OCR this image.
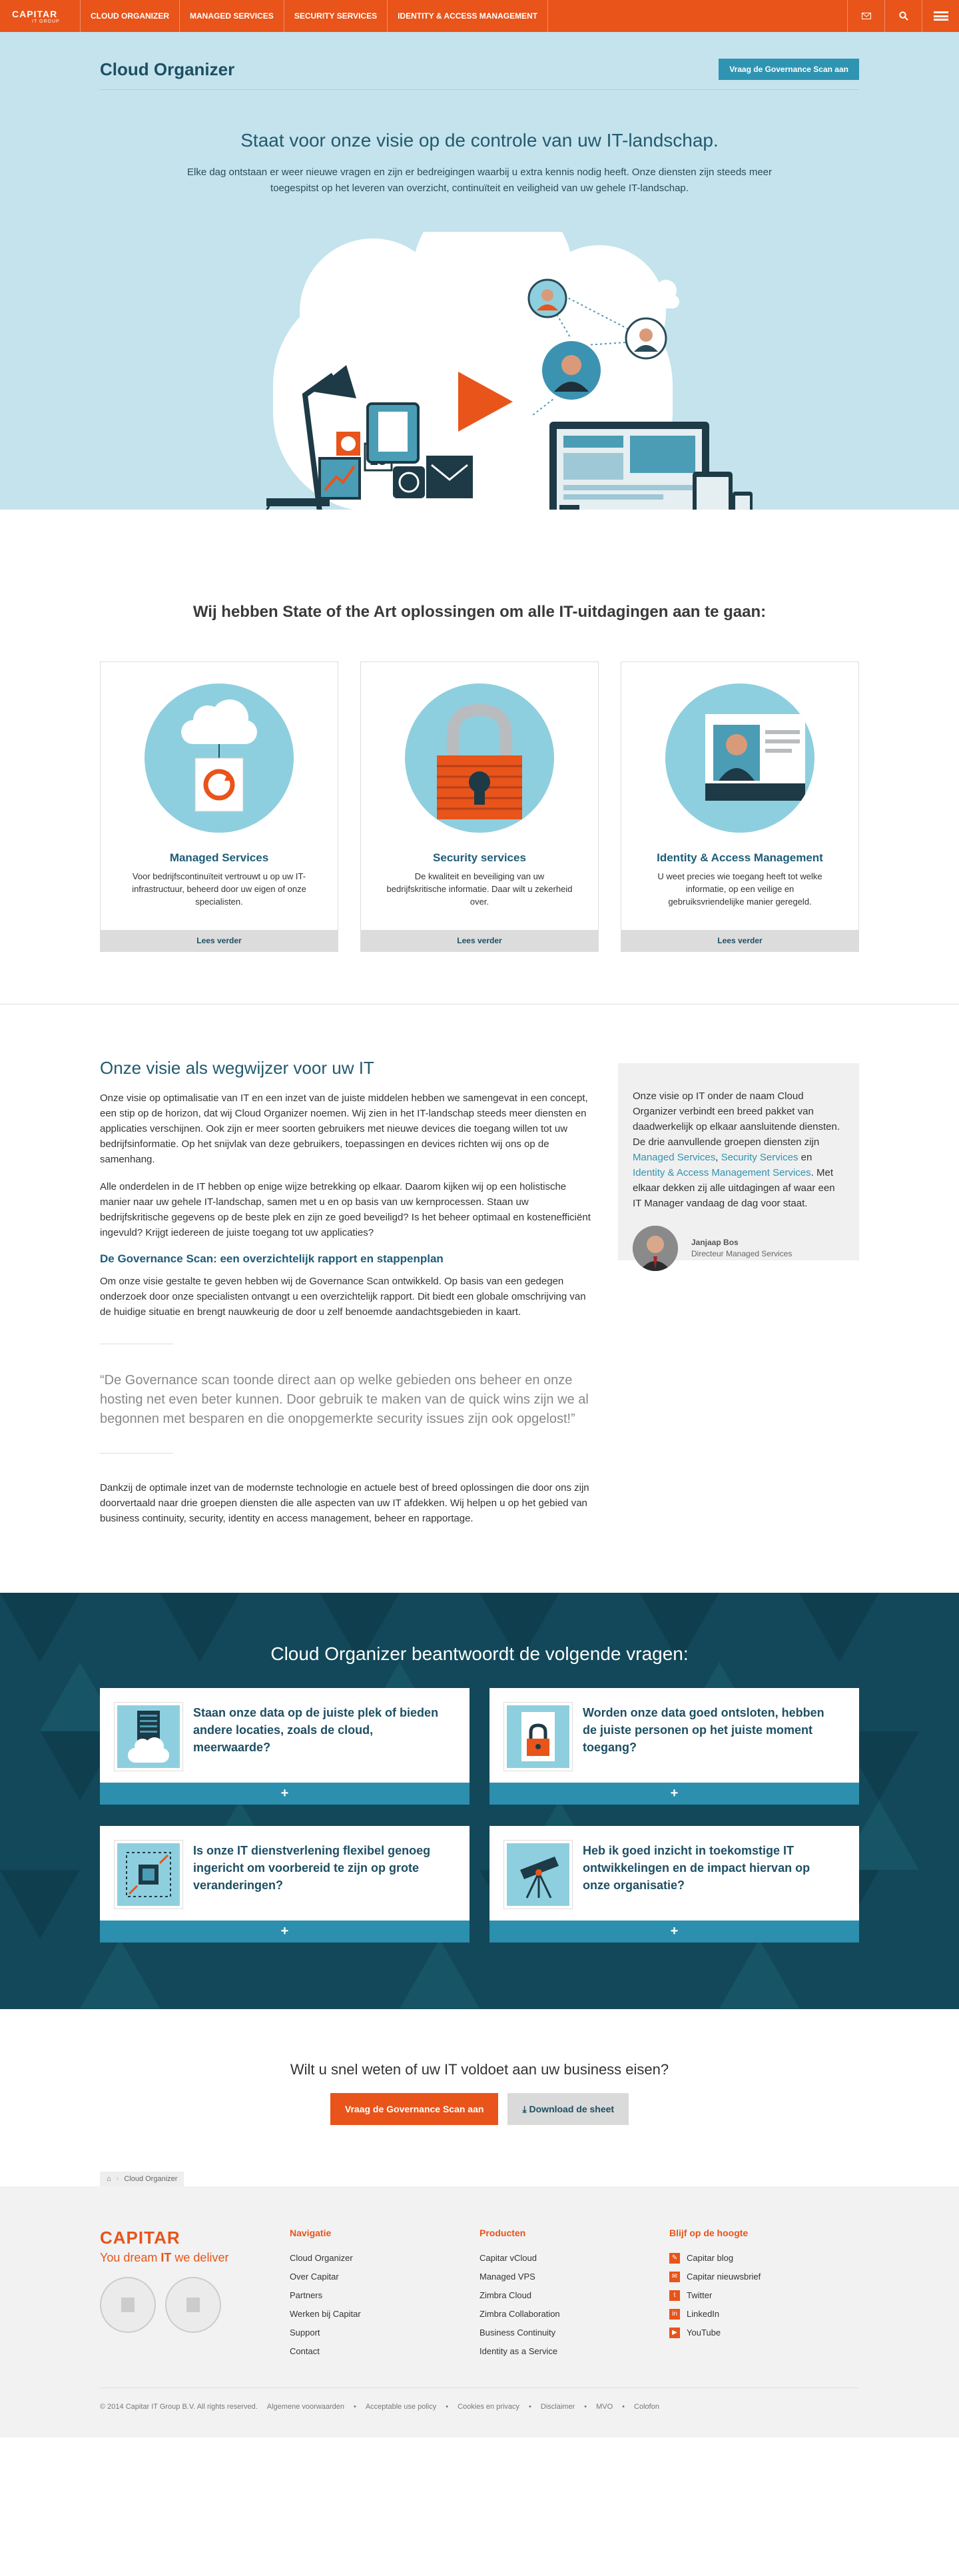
CAPITAR
IT GROUP
CLOUD ORGANIZER	MANAGED SERVICES	SECURITY SERVICES	IDENTITY & ACCESS MANAGEMENT
Cloud Organizer	Vraag de Governance Scan aan
Staat voor onze visie op de controle van uw IT-landschap.

Elke dag ontstaan er weer nieuwe vragen en zijn er bedreigingen waarbij u extra kennis nodig heeft. Onze diensten zijn steeds meer toegespitst op het leveren van overzicht, continuïteit en veiligheid van uw gehele IT-landschap.

Wij hebben State of the Art oplossingen om alle IT-uitdagingen aan te gaan:
Managed Services

Voor bedrijfscontinuïteit vertrouwt u op uw IT-infrastructuur, beheerd door uw eigen of onze specialisten.

Lees verder
Security services

De kwaliteit en beveiliging van uw bedrijfskritische informatie. Daar wilt u zekerheid over.

Lees verder
Identity & Access Management

U weet precies wie toegang heeft tot welke informatie, op een veilige en gebruiksvriendelijke manier geregeld.

Lees verder
Onze visie als wegwijzer voor uw IT

Onze visie op optimalisatie van IT en een inzet van de juiste middelen hebben we samengevat in een concept, een stip op de horizon, dat wij Cloud Organizer noemen. Wij zien in het IT-landschap steeds meer diensten en applicaties verschijnen. Ook zijn er meer soorten gebruikers met nieuwe devices die toegang willen tot uw bedrijfsinformatie. Op het snijvlak van deze gebruikers, toepassingen en devices richten wij ons op de samenhang.

Alle onderdelen in de IT hebben op enige wijze betrekking op elkaar. Daarom kijken wij op een holistische manier naar uw gehele IT-landschap, samen met u en op basis van uw kernprocessen. Staan uw bedrijfskritische gegevens op de beste plek en zijn ze goed beveiligd? Is het beheer optimaal en kostenefficiënt ingevuld? Krijgt iedereen de juiste toegang tot uw applicaties?

De Governance Scan: een overzichtelijk rapport en stappenplan

Om onze visie gestalte te geven hebben wij de Governance Scan ontwikkeld. Op basis van een gedegen onderzoek door onze specialisten ontvangt u een overzichtelijk rapport. Dit biedt een globale omschrijving van de huidige situatie en brengt nauwkeurig de door u zelf benoemde aandachtsgebieden in kaart.

“De Governance scan toonde direct aan op welke gebieden ons beheer en onze hosting net even beter kunnen. Door gebruik te maken van de quick wins zijn we al begonnen met besparen en die onopgemerkte security issues zijn ook opgelost!”

Dankzij de optimale inzet van de modernste technologie en actuele best of breed oplossingen die door ons zijn doorvertaald naar drie groepen diensten die alle aspecten van uw IT afdekken. Wij helpen u op het gebied van business continuity, security, identity en access management, beheer en rapportage.

Onze visie op IT onder de naam Cloud Organizer verbindt een breed pakket van daadwerkelijk op elkaar aansluitende diensten. De drie aanvullende groepen diensten zijn Managed Services, Security Services en Identity & Access Management Services. Met elkaar dekken zij alle uitdagingen af waar een IT Manager vandaag de dag voor staat.

Janjaap Bos
Directeur Managed Services
Cloud Organizer beantwoordt de volgende vragen:
Staan onze data op de juiste plek of bieden andere locaties, zoals de cloud, meerwaarde?
+
Worden onze data goed ontsloten, hebben de juiste personen op het juiste moment toegang?
+
Is onze IT dienstverlening flexibel genoeg ingericht om voorbereid te zijn op grote veranderingen?
+
Heb ik goed inzicht in toekomstige IT ontwikkelingen en de impact hiervan op onze organisatie?
+
Wilt u snel weten of uw IT voldoet aan uw business eisen?
Vraag de Governance Scan aan	⤓ Download de sheet
⌂ › Cloud Organizer
CAPITAR
You dream IT we deliver
Navigatie
Cloud Organizer
Over Capitar
Partners
Werken bij Capitar
Support
Contact
Producten
Capitar vCloud
Managed VPS
Zimbra Cloud
Zimbra Collaboration
Business Continuity
Identity as a Service
Blijf op de hoogte
✎ Capitar blog
✉ Capitar nieuwsbrief
t	Twitter
in	LinkedIn
▶	YouTube
© 2014 Capitar IT Group B.V. All rights reserved. Algemene voorwaarden • Acceptable use policy • Cookies en privacy • Disclaimer • MVO • Colofon
